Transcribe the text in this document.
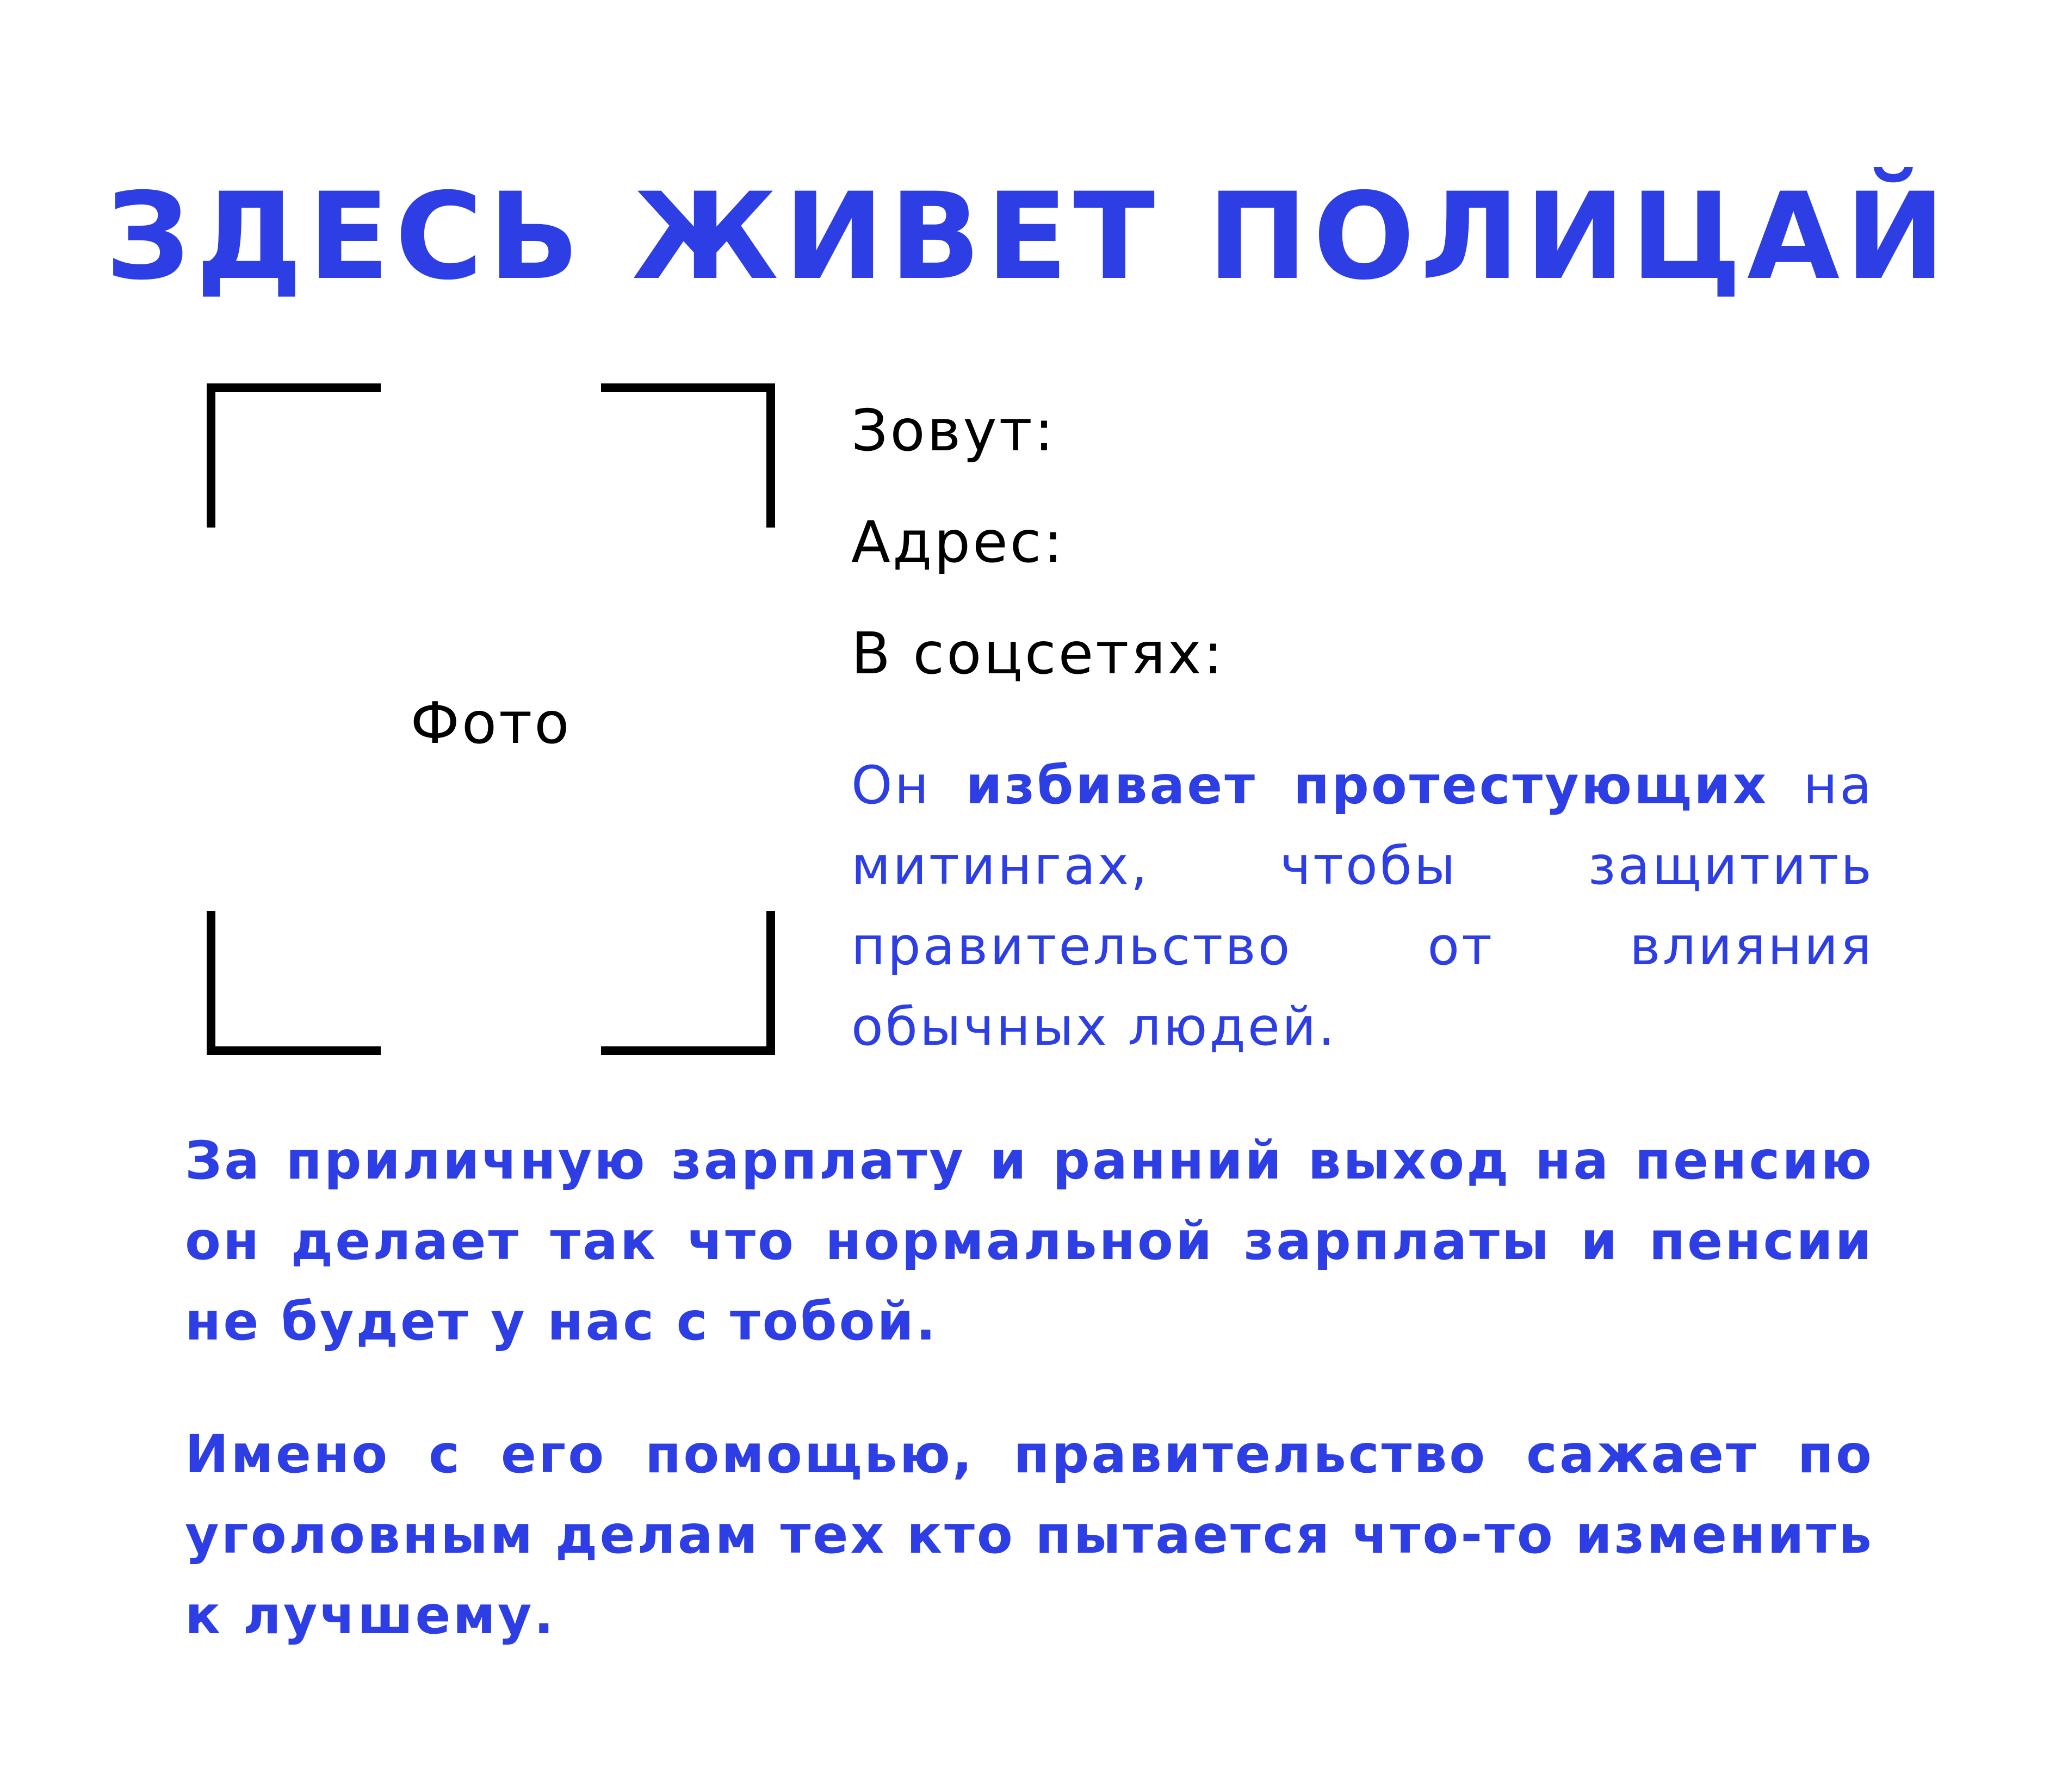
ЗДЕСЬ ЖИВЕТ ПОЛИЦАЙ
Фото
Зовут:
Адрес:
В соцсетях:

Он избивает протестующих на митингах, чтобы защитить правительство от влияния обычных людей.

За приличную зарплату и ранний выход на пенсию он делает так что нормальной зарплаты и пенсии не будет у нас с тобой.

Имено с его помощью, правительство сажает по уголовным делам тех кто пытается что-то изменить к лучшему.
